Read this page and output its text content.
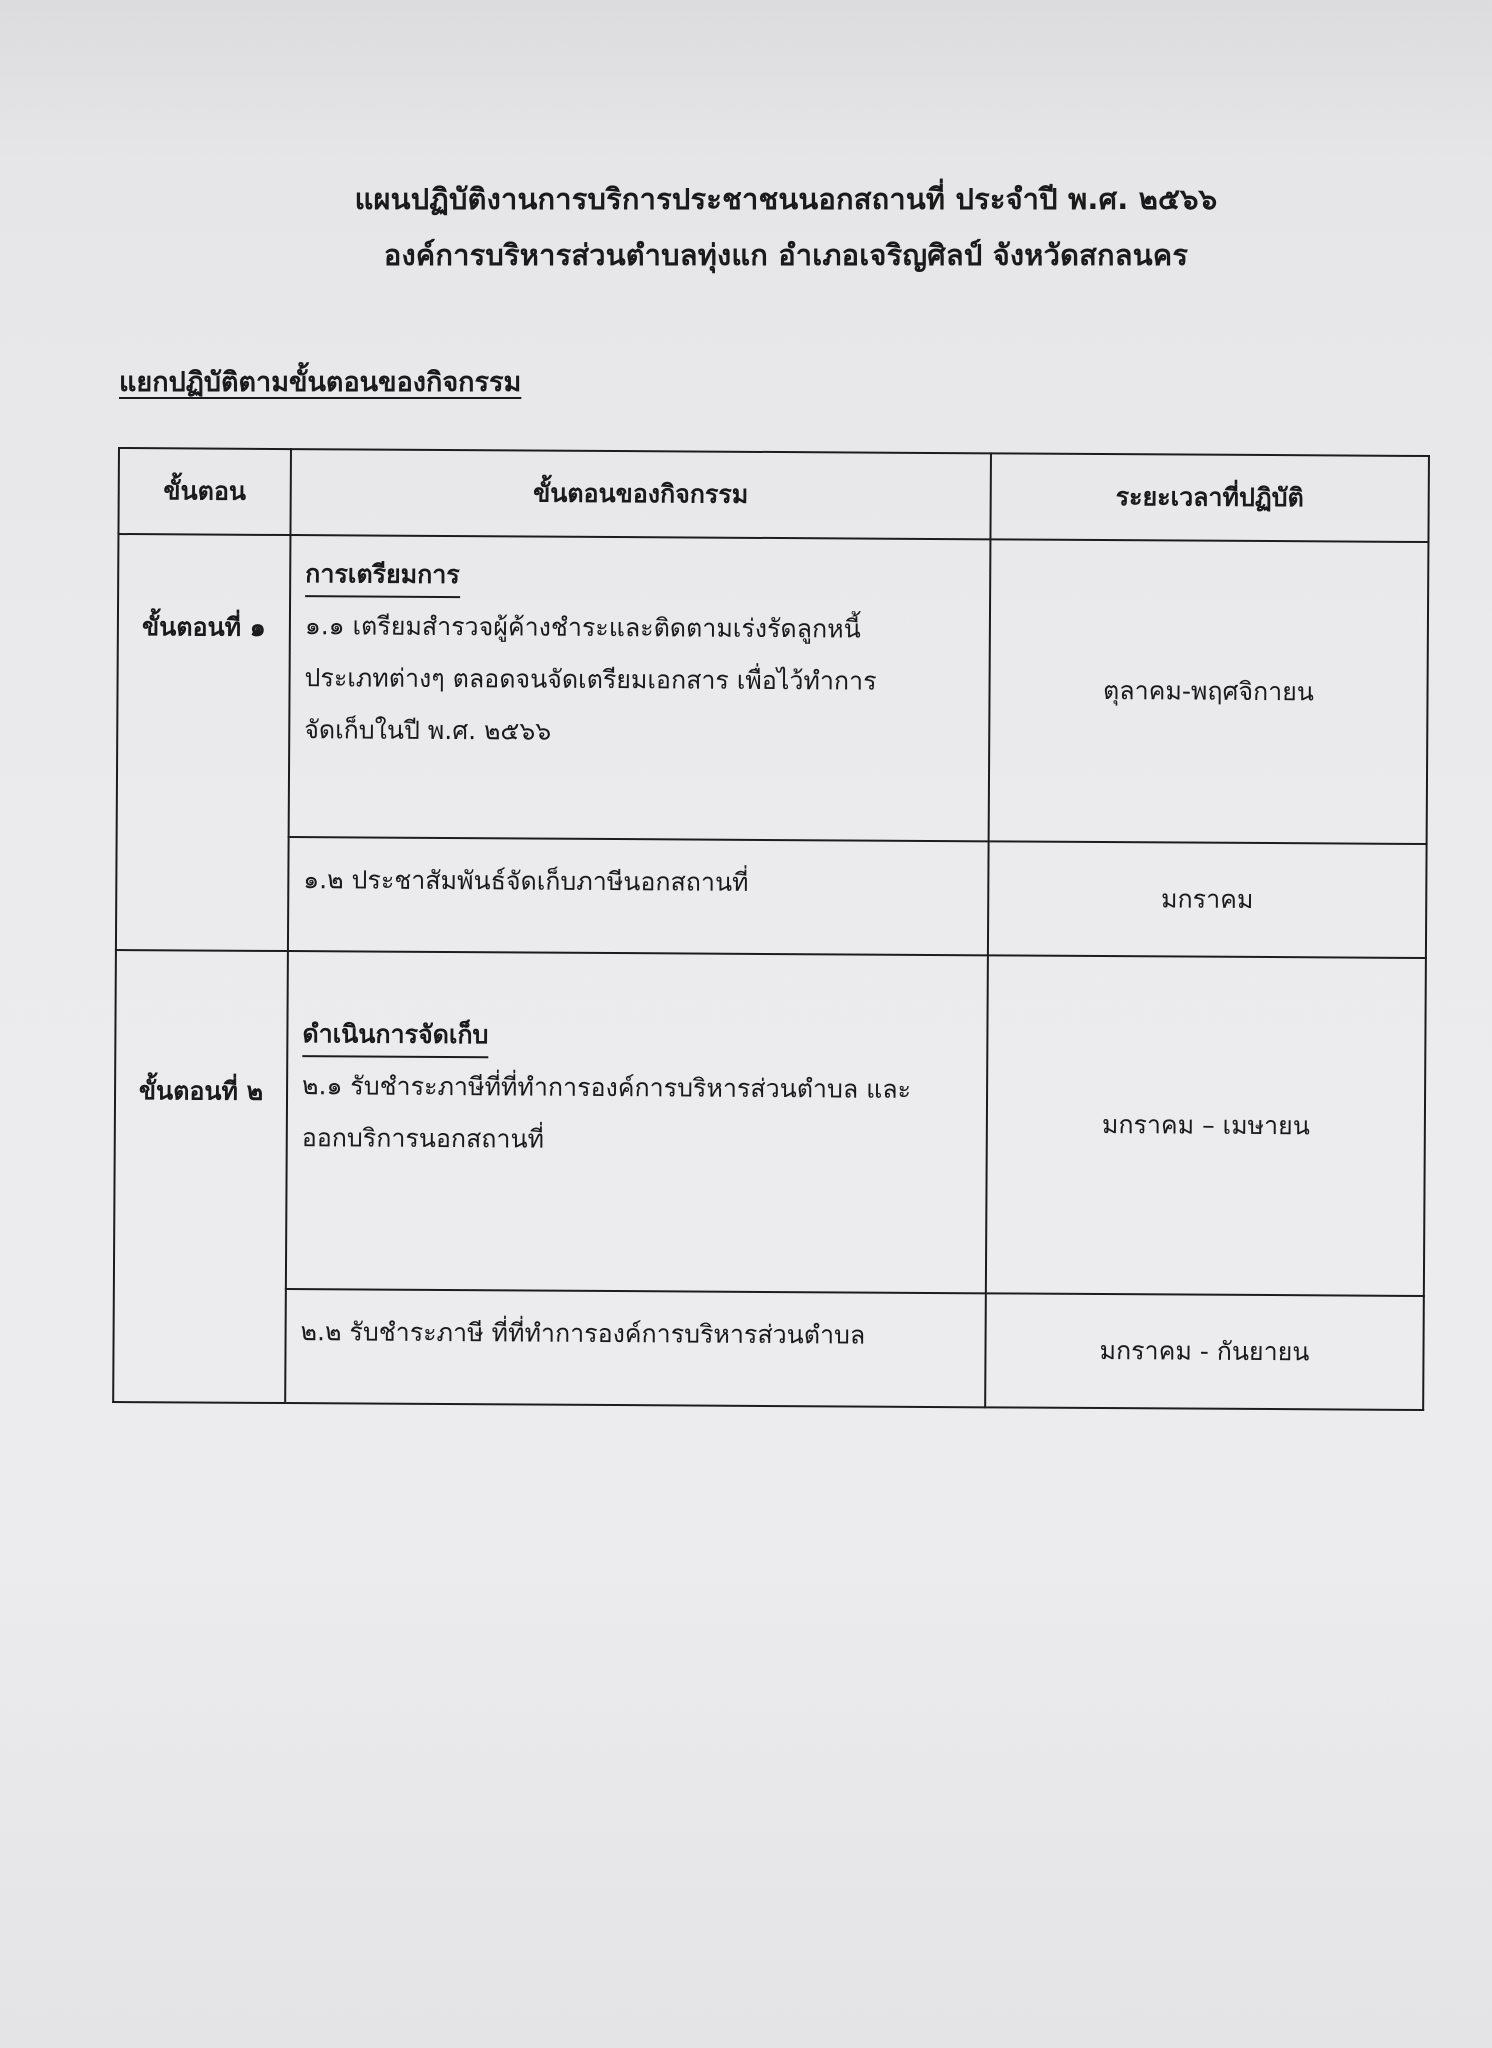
แผนปฏิบัติงานการบริการประชาชนนอกสถานที่ ประจำปี พ.ศ. ๒๕๖๖
องค์การบริหารส่วนตำบลทุ่งแก อำเภอเจริญศิลป์ จังหวัดสกลนคร
แยกปฏิบัติตามขั้นตอนของกิจกรรม
ขั้นตอน	ขั้นตอนของกิจกรรม	ระยะเวลาที่ปฏิบัติ
ขั้นตอนที่ ๑	การเตรียมการ
๑.๑ เตรียมสำรวจผู้ค้างชำระและติดตามเร่งรัดลูกหนี้
ประเภทต่างๆ ตลอดจนจัดเตรียมเอกสาร เพื่อไว้ทำการ
จัดเก็บในปี พ.ศ. ๒๕๖๖	ตุลาคม-พฤศจิกายน

	๑.๒ ประชาสัมพันธ์จัดเก็บภาษีนอกสถานที่	มกราคม
ขั้นตอนที่ ๒	ดำเนินการจัดเก็บ
๒.๑ รับชำระภาษีที่ที่ทำการองค์การบริหารส่วนตำบล และ
ออกบริการนอกสถานที่	มกราคม – เมษายน

	๒.๒ รับชำระภาษี ที่ที่ทำการองค์การบริหารส่วนตำบล	มกราคม - กันยายน
